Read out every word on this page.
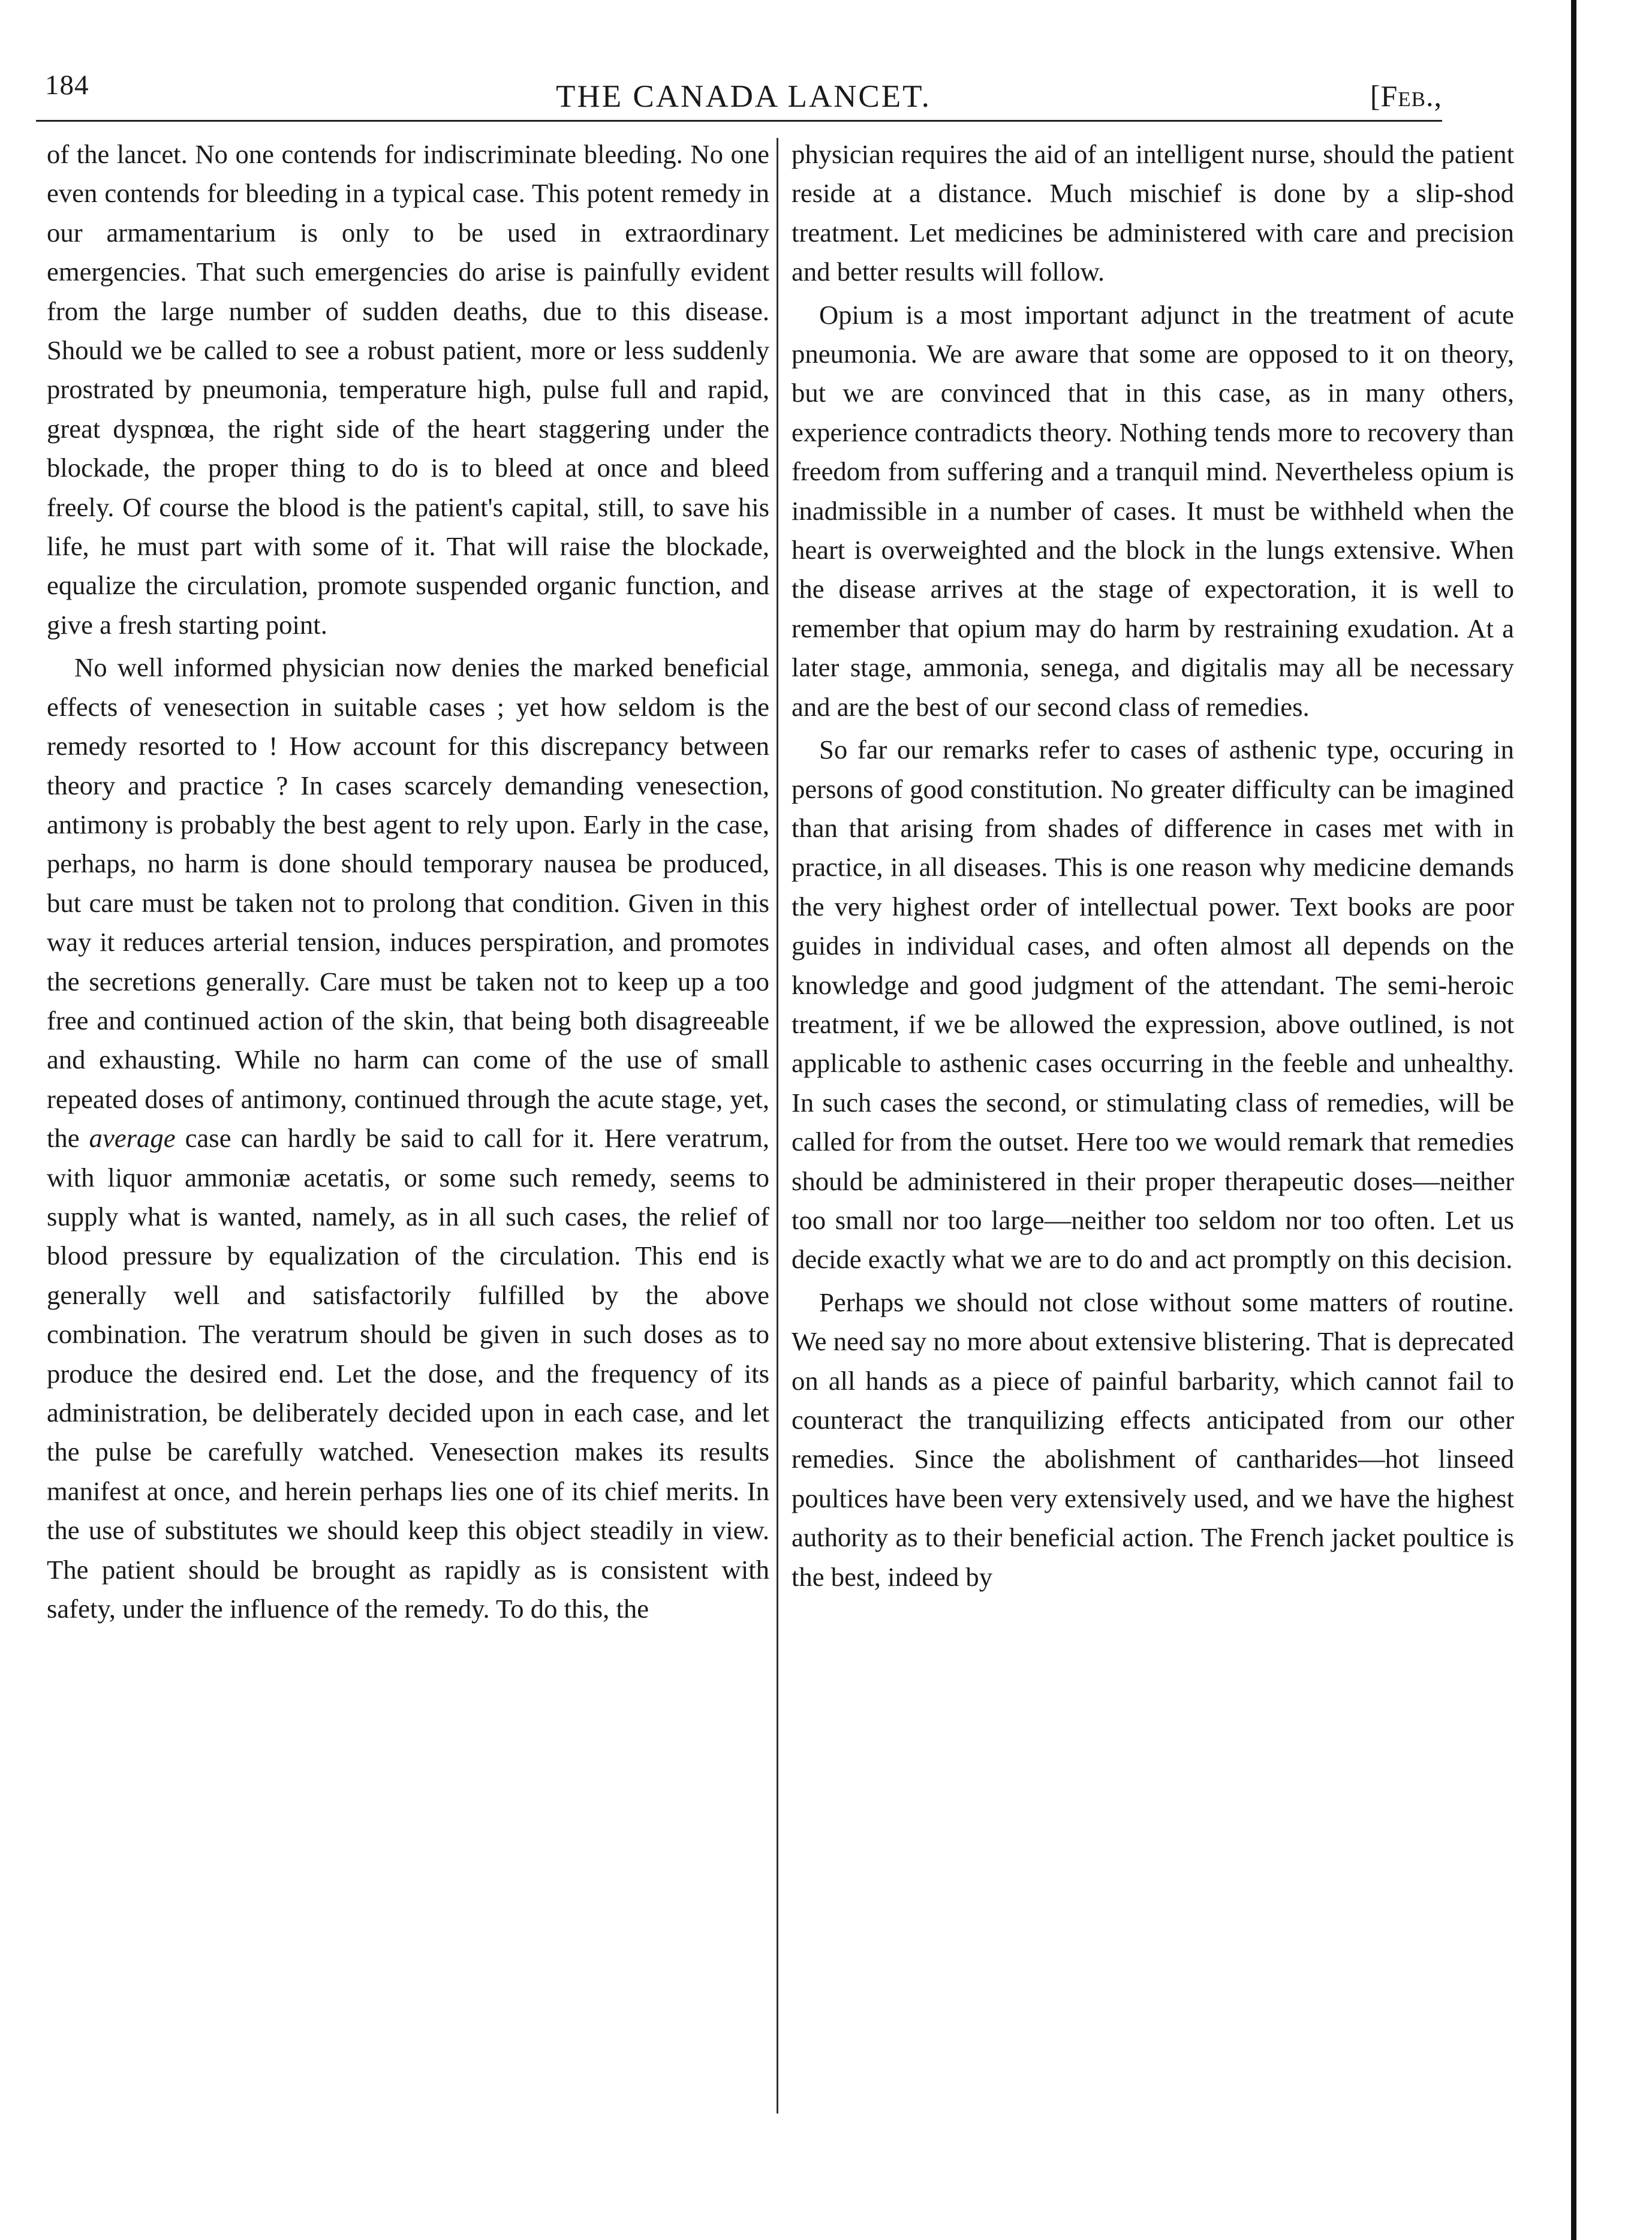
184	THE CANADA LANCET.	[Feb.,

of the lancet. No one contends for indiscriminate bleeding. No one even contends for bleeding in a typical case. This potent remedy in our armamentarium is only to be used in extraordinary emergencies. That such emergencies do arise is painfully evident from the large number of sudden deaths, due to this disease. Should we be called to see a robust patient, more or less suddenly prostrated by pneumonia, temperature high, pulse full and rapid, great dyspnœa, the right side of the heart staggering under the blockade, the proper thing to do is to bleed at once and bleed freely. Of course the blood is the patient's capital, still, to save his life, he must part with some of it. That will raise the blockade, equalize the circulation, promote suspended organic function, and give a fresh starting point.

No well informed physician now denies the marked beneficial effects of venesection in suitable cases ; yet how seldom is the remedy resorted to ! How account for this discrepancy between theory and practice ? In cases scarcely demanding venesection, antimony is probably the best agent to rely upon. Early in the case, perhaps, no harm is done should temporary nausea be produced, but care must be taken not to prolong that condition. Given in this way it reduces arterial tension, induces perspiration, and promotes the secretions generally. Care must be taken not to keep up a too free and continued action of the skin, that being both disagreeable and exhausting. While no harm can come of the use of small repeated doses of antimony, continued through the acute stage, yet, the average case can hardly be said to call for it. Here veratrum, with liquor ammoniæ acetatis, or some such remedy, seems to supply what is wanted, namely, as in all such cases, the relief of blood pressure by equalization of the circulation. This end is generally well and satisfactorily fulfilled by the above combination. The veratrum should be given in such doses as to produce the desired end. Let the dose, and the frequency of its administration, be deliberately decided upon in each case, and let the pulse be carefully watched. Venesection makes its results manifest at once, and herein perhaps lies one of its chief merits. In the use of substitutes we should keep this object steadily in view. The patient should be brought as rapidly as is consistent with safety, under the influence of the remedy. To do this, the

physician requires the aid of an intelligent nurse, should the patient reside at a distance. Much mischief is done by a slip-shod treatment. Let medicines be administered with care and precision and better results will follow.

Opium is a most important adjunct in the treatment of acute pneumonia. We are aware that some are opposed to it on theory, but we are convinced that in this case, as in many others, experience contradicts theory. Nothing tends more to recovery than freedom from suffering and a tranquil mind. Nevertheless opium is inadmissible in a number of cases. It must be withheld when the heart is overweighted and the block in the lungs extensive. When the disease arrives at the stage of expectoration, it is well to remember that opium may do harm by restraining exudation. At a later stage, ammonia, senega, and digitalis may all be necessary and are the best of our second class of remedies.

So far our remarks refer to cases of asthenic type, occuring in persons of good constitution. No greater difficulty can be imagined than that arising from shades of difference in cases met with in practice, in all diseases. This is one reason why medicine demands the very highest order of intellectual power. Text books are poor guides in individual cases, and often almost all depends on the knowledge and good judgment of the attendant. The semi-heroic treatment, if we be allowed the expression, above outlined, is not applicable to asthenic cases occurring in the feeble and unhealthy. In such cases the second, or stimulating class of remedies, will be called for from the outset. Here too we would remark that remedies should be administered in their proper therapeutic doses—neither too small nor too large—neither too seldom nor too often. Let us decide exactly what we are to do and act promptly on this decision.

Perhaps we should not close without some matters of routine. We need say no more about extensive blistering. That is deprecated on all hands as a piece of painful barbarity, which cannot fail to counteract the tranquilizing effects anticipated from our other remedies. Since the abolishment of cantharides—hot linseed poultices have been very extensively used, and we have the highest authority as to their beneficial action. The French jacket poultice is the best, indeed by
